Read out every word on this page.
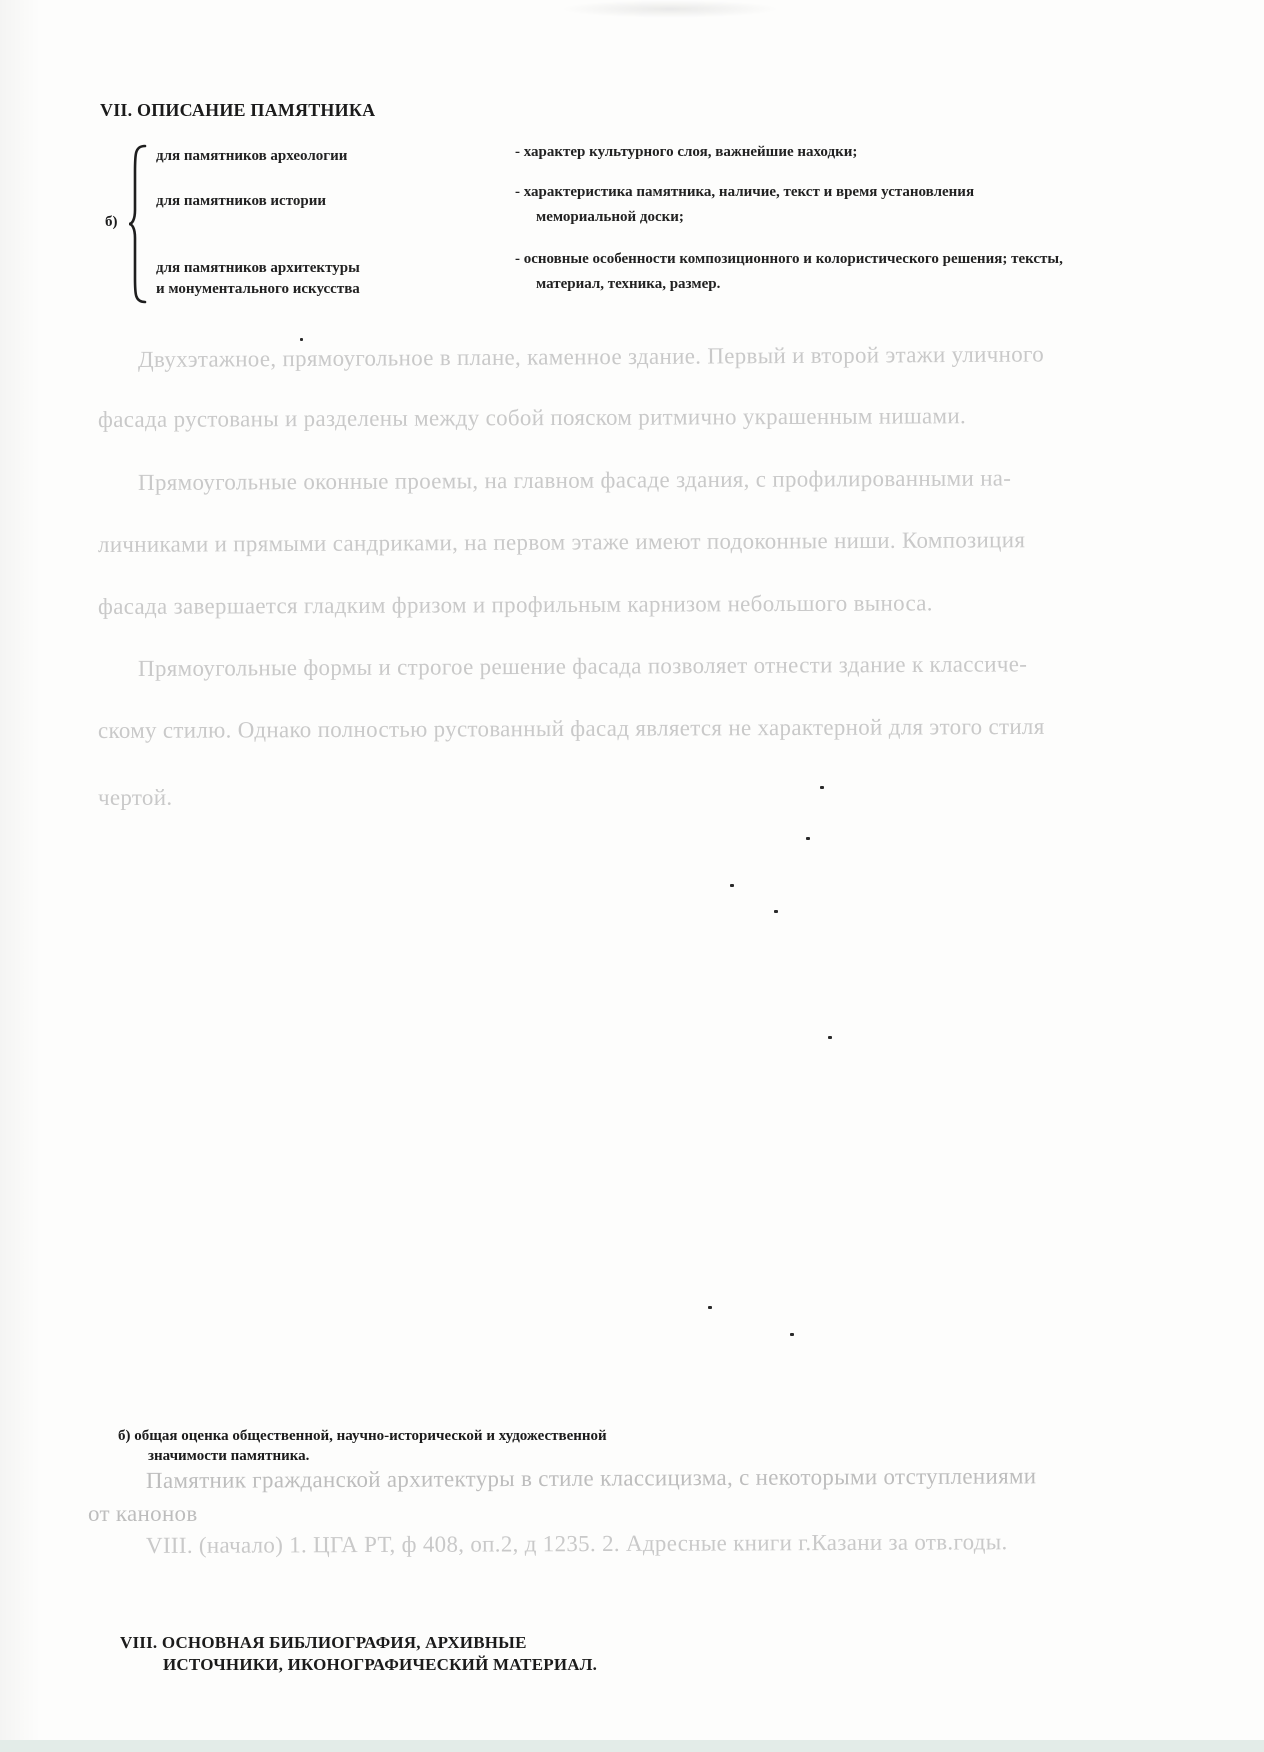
VII. ОПИСАНИЕ ПАМЯТНИКА
б)
для памятников археологии
для памятников истории
для памятников архитектуры
и монументального искусства
- характер культурного слоя, важнейшие находки;
- характеристика памятника, наличие, текст и время установления
мемориальной доски;
- основные особенности композиционного и колористического решения; тексты,
материал, техника, размер.
Двухэтажное, прямоугольное в плане, каменное здание. Первый и второй этажи уличного
фасада рустованы и разделены между собой пояском ритмично украшенным нишами.
Прямоугольные оконные проемы, на главном фасаде здания, с профилированными на-
личниками и прямыми сандриками, на первом этаже имеют подоконные ниши. Композиция
фасада завершается гладким фризом и профильным карнизом небольшого выноса.
Прямоугольные формы и строгое решение фасада позволяет отнести здание к классиче-
скому стилю. Однако полностью рустованный фасад является не характерной для этого стиля
чертой.
б) общая оценка общественной, научно-исторической и художественной
значимости памятника.
Памятник гражданской архитектуры в стиле классицизма, с некоторыми отступлениями
от канонов
VIII. (начало) 1. ЦГА РТ, ф 408, оп.2, д 1235. 2. Адресные книги г.Казани за отв.годы.
VIII. ОСНОВНАЯ БИБЛИОГРАФИЯ, АРХИВНЫЕ
ИСТОЧНИКИ, ИКОНОГРАФИЧЕСКИЙ МАТЕРИАЛ.
